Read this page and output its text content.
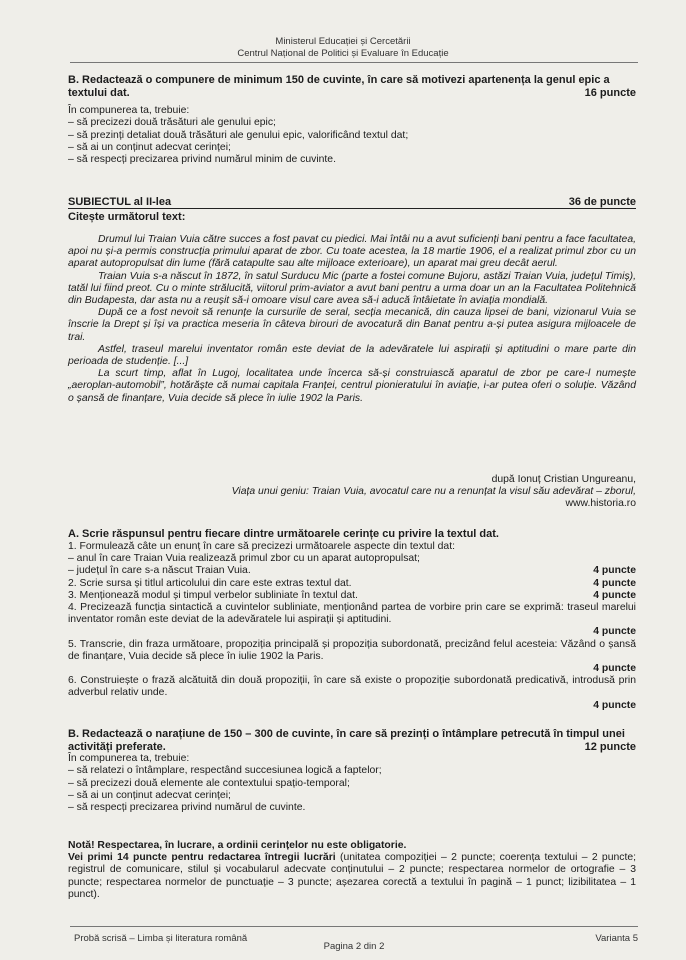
Ministerul Educației și Cercetării
Centrul Național de Politici și Evaluare în Educație
B. Redactează o compunere de minimum 150 de cuvinte, în care să motivezi apartenența la genul epic a textului dat.	16 puncte
În compunerea ta, trebuie:
– să precizezi două trăsături ale genului epic;
– să prezinți detaliat două trăsături ale genului epic, valorificând textul dat;
– să ai un conținut adecvat cerinței;
– să respecți precizarea privind numărul minim de cuvinte.
SUBIECTUL al II-lea	36 de puncte
Citește următorul text:

Drumul lui Traian Vuia către succes a fost pavat cu piedici. Mai întâi nu a avut suficienți bani pentru a face facultatea, apoi nu și-a permis construcția primului aparat de zbor. Cu toate acestea, la 18 martie 1906, el a realizat primul zbor cu un aparat autopropulsat din lume (fără catapulte sau alte mijloace exterioare), un aparat mai greu decât aerul.

Traian Vuia s-a născut în 1872, în satul Surducu Mic (parte a fostei comune Bujoru, astăzi Traian Vuia, județul Timiș), tatăl lui fiind preot. Cu o minte strălucită, viitorul prim-aviator a avut bani pentru a urma doar un an la Facultatea Politehnică din Budapesta, dar asta nu a reușit să-i omoare visul care avea să-i aducă întâietate în aviația mondială.

După ce a fost nevoit să renunțe la cursurile de seral, secția mecanică, din cauza lipsei de bani, vizionarul Vuia se înscrie la Drept și își va practica meseria în câteva birouri de avocatură din Banat pentru a-și putea asigura mijloacele de trai.

Astfel, traseul marelui inventator român este deviat de la adevăratele lui aspirații și aptitudini o mare parte din perioada de studenție. [...]

La scurt timp, aflat în Lugoj, localitatea unde încerca să-și construiască aparatul de zbor pe care-l numește „aeroplan-automobil”, hotărăște că numai capitala Franței, centrul pionieratului în aviație, i-ar putea oferi o soluție. Văzând o șansă de finanțare, Vuia decide să plece în iulie 1902 la Paris.

după Ionuț Cristian Ungureanu,
Viața unui geniu: Traian Vuia, avocatul care nu a renunțat la visul său adevărat – zborul,
www.historia.ro
A. Scrie răspunsul pentru fiecare dintre următoarele cerințe cu privire la textul dat.
1. Formulează câte un enunț în care să precizezi următoarele aspecte din textul dat:
– anul în care Traian Vuia realizează primul zbor cu un aparat autopropulsat;
– județul în care s-a născut Traian Vuia.	4 puncte
2. Scrie sursa și titlul articolului din care este extras textul dat.	4 puncte
3. Menționează modul și timpul verbelor subliniate în textul dat.	4 puncte
4. Precizează funcția sintactică a cuvintelor subliniate, menționând partea de vorbire prin care se exprimă: traseul marelui inventator român este deviat de la adevăratele lui aspirații și aptitudini.
4 puncte
5. Transcrie, din fraza următoare, propoziția principală și propoziția subordonată, precizând felul acesteia: Văzând o șansă de finanțare, Vuia decide să plece în iulie 1902 la Paris.
4 puncte
6. Construiește o frază alcătuită din două propoziții, în care să existe o propoziție subordonată predicativă, introdusă prin adverbul relativ unde.
4 puncte
B. Redactează o narațiune de 150 – 300 de cuvinte, în care să prezinți o întâmplare petrecută în timpul unei activități preferate.	12 puncte
În compunerea ta, trebuie:
– să relatezi o întâmplare, respectând succesiunea logică a faptelor;
– să precizezi două elemente ale contextului spațio-temporal;
– să ai un conținut adecvat cerinței;
– să respecți precizarea privind numărul de cuvinte.
Notă! Respectarea, în lucrare, a ordinii cerințelor nu este obligatorie.
Vei primi 14 puncte pentru redactarea întregii lucrări (unitatea compoziției – 2 puncte; coerența textului – 2 puncte; registrul de comunicare, stilul și vocabularul adecvate conținutului – 2 puncte; respectarea normelor de ortografie – 3 puncte; respectarea normelor de punctuație – 3 puncte; așezarea corectă a textului în pagină – 1 punct; lizibilitatea – 1 punct).
Probă scrisă – Limba și literatura română
Pagina 2 din 2
Varianta 5
